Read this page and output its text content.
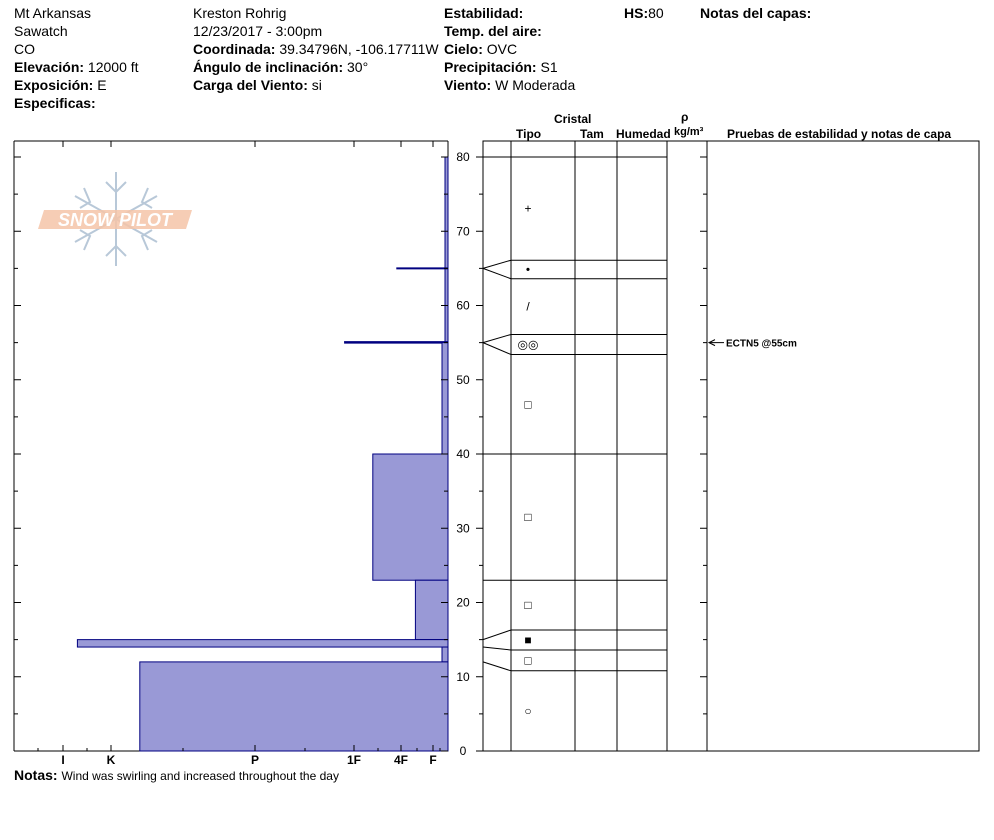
Mt Arkansas
Sawatch
CO
Elevación: 12000 ft
Exposición: E
Especificas:
Kreston Rohrig
12/23/2017 - 3:00pm
Coordinada: 39.34796N, -106.17711W
Ángulo de inclinación: 30°
Carga del Viento: si
Estabilidad:
Temp. del aire:
Cielo: OVC
Precipitación: S1
Viento: W Moderada
HS:80	Notas del capas:
Cristal
Tipo	Tam Humedad
ρ
kg/m³ Pruebas de estabilidad y notas de capa
SNOW PILOT
0
10
20
30
40
50
60
70
80
I	K	P	1F	4F F
+
•
/
◎◎
□
□
□
■
□
○
ECTN5 @55cm
Notas: Wind was swirling and increased throughout the day
